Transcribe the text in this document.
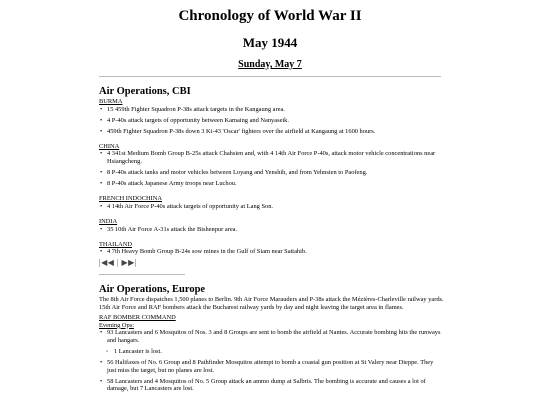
Chronology of World War II
May 1944
Sunday, May 7
Air Operations, CBI
BURMA
• 15 459th Fighter Squadron P-38s attack targets in the Kangaung area.
• 4 P-40s attack targets of opportunity between Kamaing and Nanyaseik.
• 459th Fighter Squadron P-38s down 3 Ki-43 'Oscar' fighters over the airfield at Kangaung at 1600 hours.
CHINA
• 4 341st Medium Bomb Group B-25s attack Chahsien and, with 4 14th Air Force P-40s, attack motor vehicle concentrations near Hsiangcheng.
• 8 P-40s attack tanks and motor vehicles between Loyang and Yenshih, and from Yehnsien to Paofeng.
• 8 P-40s attack Japanese Army troops near Luchou.
FRENCH INDOCHINA
• 4 14th Air Force P-40s attack targets of opportunity at Lang Son.
INDIA
• 35 10th Air Force A-31s attack the Bishenpur area.
THAILAND
• 4 7th Heavy Bomb Group B-24s sow mines in the Gulf of Siam near Sattahib.
|◀◀ | ▶▶|
Air Operations, Europe
The 8th Air Force dispatches 1,500 planes to Berlin. 9th Air Force Marauders and P-38s attack the Mézières-Charleville railway yards. 15th Air Force and RAF bombers attack the Bucharest railway yards by day and night leaving the target area in flames.
RAF BOMBER COMMAND
Evening Ops:
• 93 Lancasters and 6 Mosquitos of Nos. 3 and 8 Groups are sent to bomb the airfield at Nantes. Accurate bombing hits the runways and hangars.
◦ 1 Lancaster is lost.
• 56 Halifaxes of No. 6 Group and 8 Pathfinder Mosquitos attempt to bomb a coastal gun position at St Valery near Dieppe. They just miss the target, but no planes are lost.
• 58 Lancasters and 4 Mosquitos of No. 5 Group attack an ammo dump at Salbris. The bombing is accurate and causes a lot of damage, but 7 Lancasters are lost.
